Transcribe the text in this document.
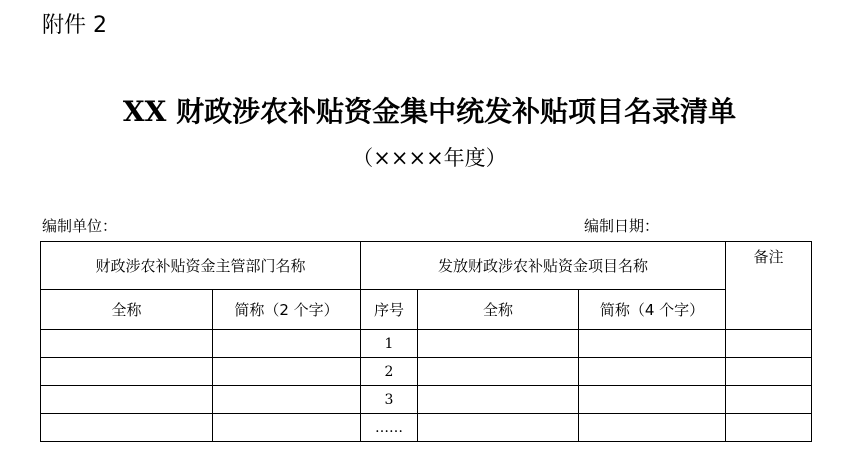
附件 2
XX 财政涉农补贴资金集中统发补贴项目名录清单
（××××年度）
编制单位：	编制日期：
财政涉农补贴资金主管部门名称		发放财政涉农补贴资金项目名称			备注
全称	简称（2 个字）	序号	全称	简称（4 个字）	
		1			
		2			
		3			
		……			
